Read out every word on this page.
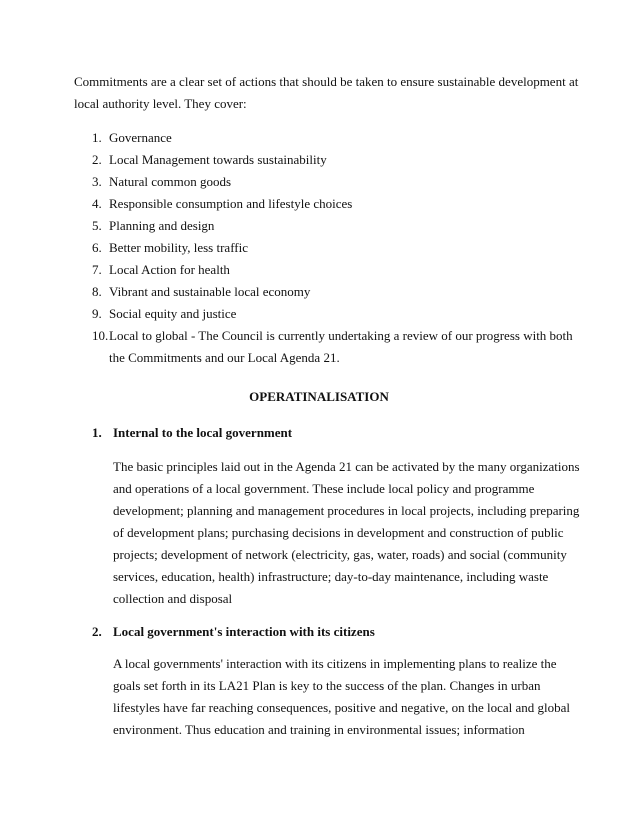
Commitments are a clear set of actions that should be taken to ensure sustainable development at
local authority level. They cover:

1. Governance
2. Local Management towards sustainability
3. Natural common goods
4. Responsible consumption and lifestyle choices
5. Planning and design
6. Better mobility, less traffic
7. Local Action for health
8. Vibrant and sustainable local economy
9. Social equity and justice
10. Local to global - The Council is currently undertaking a review of our progress with both
the Commitments and our Local Agenda 21.

OPERATINALISATION

1. Internal to the local government

The basic principles laid out in the Agenda 21 can be activated by the many organizations
and operations of a local government. These include local policy and programme
development; planning and management procedures in local projects, including preparing
of development plans; purchasing decisions in development and construction of public
projects; development of network (electricity, gas, water, roads) and social (community
services, education, health) infrastructure; day-to-day maintenance, including waste
collection and disposal

2. Local government's interaction with its citizens

A local governments' interaction with its citizens in implementing plans to realize the
goals set forth in its LA21 Plan is key to the success of the plan. Changes in urban
lifestyles have far reaching consequences, positive and negative, on the local and global
environment. Thus education and training in environmental issues; information
